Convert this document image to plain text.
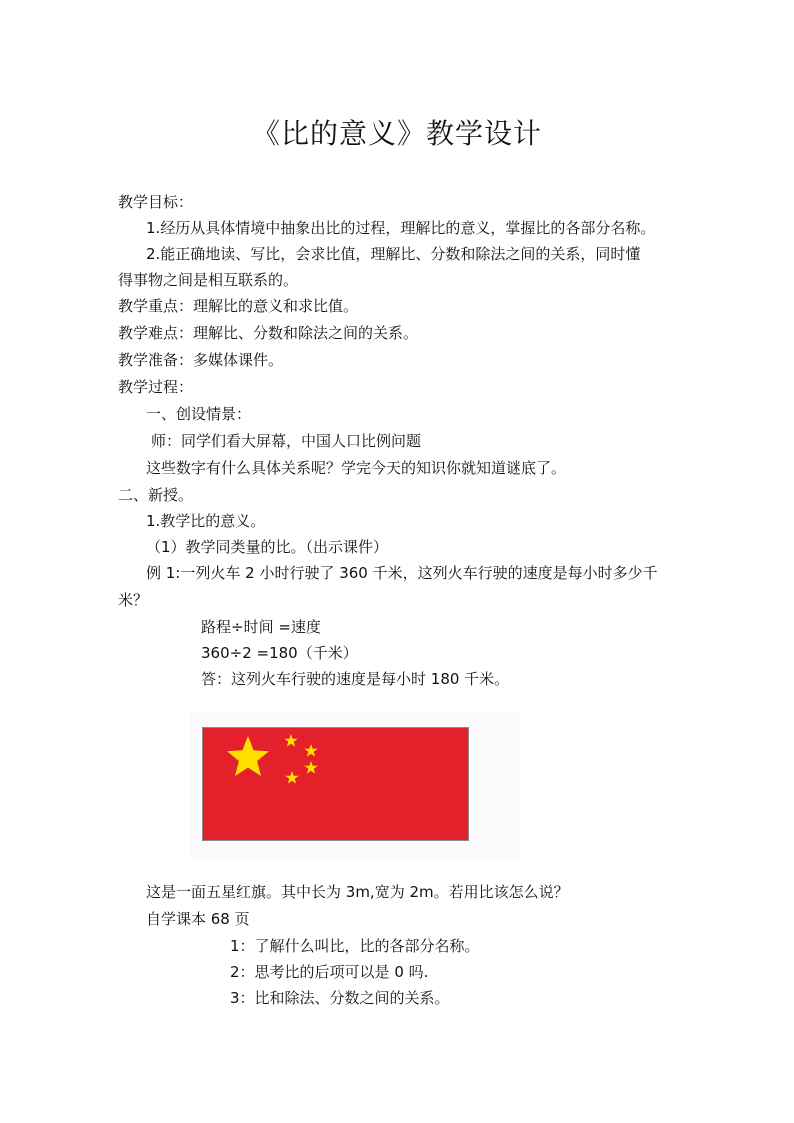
《比的意义》教学设计
教学目标：
1.经历从具体情境中抽象出比的过程，理解比的意义，掌握比的各部分名称。
2.能正确地读、写比，会求比值，理解比、分数和除法之间的关系，同时懂
得事物之间是相互联系的。
教学重点：理解比的意义和求比值。
教学难点：理解比、分数和除法之间的关系。
教学准备：多媒体课件。
教学过程：
一、创设情景：
师：同学们看大屏幕，中国人口比例问题
这些数字有什么具体关系呢？学完今天的知识你就知道谜底了。
二、新授。
1.教学比的意义。
（1）教学同类量的比。（出示课件）
例 1:一列火车 2 小时行驶了 360 千米，这列火车行驶的速度是每小时多少千
米？
路程÷时间 =速度
360÷2 =180（千米）
答：这列火车行驶的速度是每小时 180 千米。
这是一面五星红旗。其中长为 3m,宽为 2m。若用比该怎么说？
自学课本 68 页
1：了解什么叫比，比的各部分名称。
2：思考比的后项可以是 0 吗.
3：比和除法、分数之间的关系。
